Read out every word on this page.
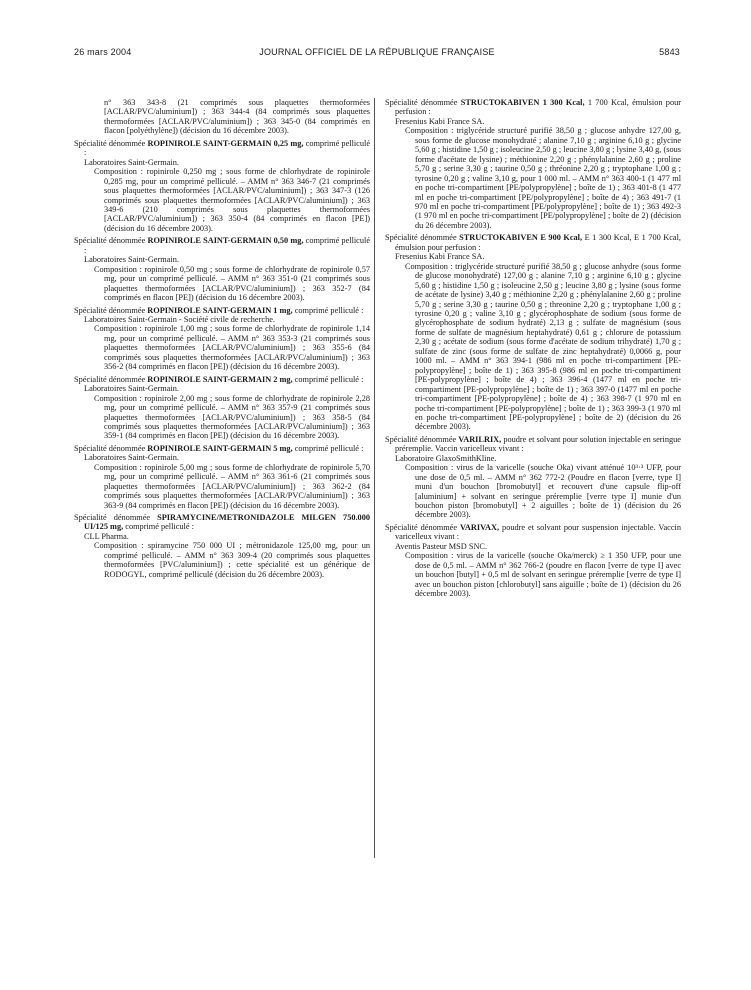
26 mars 2004	JOURNAL OFFICIEL DE LA RÉPUBLIQUE FRANÇAISE	5843

n° 363 343-8 (21 comprimés sous plaquettes thermoformées [ACLAR/PVC/aluminium]) ; 363 344-4 (84 comprimés sous plaquettes thermoformées [ACLAR/PVC/aluminium]) ; 363 345-0 (84 comprimés en flacon [polyéthylène]) (décision du 16 décembre 2003).

Spécialité dénommée ROPINIROLE SAINT-GERMAIN 0,25 mg, comprimé pelliculé :

Laboratoires Saint-Germain.

Composition : ropinirole 0,250 mg ; sous forme de chlorhydrate de ropinirole 0,285 mg, pour un comprimé pelliculé. – AMM n° 363 346-7 (21 comprimés sous plaquettes thermoformées [ACLAR/PVC/aluminium]) ; 363 347-3 (126 comprimés sous plaquettes thermoformées [ACLAR/PVC/aluminium]) ; 363 349-6 (210 comprimés sous plaquettes thermoformées [ACLAR/PVC/aluminium]) ; 363 350-4 (84 comprimés en flacon [PE]) (décision du 16 décembre 2003).

Spécialité dénommée ROPINIROLE SAINT-GERMAIN 0,50 mg, comprimé pelliculé :

Laboratoires Saint-Germain.

Composition : ropinirole 0,50 mg ; sous forme de chlorhydrate de ropinirole 0,57 mg, pour un comprimé pelliculé. – AMM n° 363 351-0 (21 comprimés sous plaquettes thermoformées [ACLAR/PVC/aluminium]) ; 363 352-7 (84 comprimés en flacon [PE]) (décision du 16 décembre 2003).

Spécialité dénommée ROPINIROLE SAINT-GERMAIN 1 mg, comprimé pelliculé :

Laboratoires Saint-Germain - Société civile de recherche.

Composition : ropinirole 1,00 mg ; sous forme de chlorhydrate de ropinirole 1,14 mg, pour un comprimé pelliculé. – AMM n° 363 353-3 (21 comprimés sous plaquettes thermoformées [ACLAR/PVC/aluminium]) ; 363 355-6 (84 comprimés sous plaquettes thermoformées [ACLAR/PVC/aluminium]) ; 363 356-2 (84 comprimés en flacon [PE]) (décision du 16 décembre 2003).

Spécialité dénommée ROPINIROLE SAINT-GERMAIN 2 mg, comprimé pelliculé :

Laboratoires Saint-Germain.

Composition : ropinirole 2,00 mg ; sous forme de chlorhydrate de ropinirole 2,28 mg, pour un comprimé pelliculé. – AMM n° 363 357-9 (21 comprimés sous plaquettes thermoformées [ACLAR/PVC/aluminium]) ; 363 358-5 (84 comprimés sous plaquettes thermoformées [ACLAR/PVC/aluminium]) ; 363 359-1 (84 comprimés en flacon [PE]) (décision du 16 décembre 2003).

Spécialité dénommée ROPINIROLE SAINT-GERMAIN 5 mg, comprimé pelliculé :

Laboratoires Saint-Germain.

Composition : ropinirole 5,00 mg ; sous forme de chlorhydrate de ropinirole 5,70 mg, pour un comprimé pelliculé. – AMM n° 363 361-6 (21 comprimés sous plaquettes thermoformées [ACLAR/PVC/aluminium]) ; 363 362-2 (84 comprimés sous plaquettes thermoformées [ACLAR/PVC/aluminium]) ; 363 363-9 (84 comprimés en flacon [PE]) (décision du 16 décembre 2003).

Spécialité dénommée SPIRAMYCINE/METRONIDAZOLE MILGEN 750.000 UI/125 mg, comprimé pelliculé :

CLL Pharma.

Composition : spiramycine 750 000 UI ; métronidazole 125,00 mg, pour un comprimé pelliculé. – AMM n° 363 309-4 (20 comprimés sous plaquettes thermoformées [PVC/aluminium]) ; cette spécialité est un générique de RODOGYL, comprimé pelliculé (décision du 26 décembre 2003).

Spécialité dénommée STRUCTOKABIVEN 1 300 Kcal, 1 700 Kcal, émulsion pour perfusion :

Fresenius Kabi France SA.

Composition : triglycéride structuré purifié 38,50 g ; glucose anhydre 127,00 g, sous forme de glucose monohydraté ; alanine 7,10 g ; arginine 6,10 g ; glycine 5,60 g ; histidine 1,50 g ; isoleucine 2,50 g ; leucine 3,80 g ; lysine 3,40 g, (sous forme d'acétate de lysine) ; méthionine 2,20 g ; phénylalanine 2,60 g ; proline 5,70 g ; serine 3,30 g ; taurine 0,50 g ; thréonine 2,20 g ; tryptophane 1,00 g ; tyrosine 0,20 g ; valine 3,10 g, pour 1 000 ml. – AMM n° 363 400-1 (1 477 ml en poche tri-compartiment [PE/polypropylène] ; boîte de 1) ; 363 401-8 (1 477 ml en poche tri-compartiment [PE/polypropylène] ; boîte de 4) ; 363 491-7 (1 970 ml en poche tri-compartiment [PE/polypropylène] ; boîte de 1) ; 363 492-3 (1 970 ml en poche tri-compartiment [PE/polypropylène] ; boîte de 2) (décision du 26 décembre 2003).

Spécialité dénommée STRUCTOKABIVEN E 900 Kcal, E 1 300 Kcal, E 1 700 Kcal, émulsion pour perfusion :

Fresenius Kabi France SA.

Composition : triglycéride structuré purifié 38,50 g ; glucose anhydre (sous forme de glucose monohydraté) 127,00 g ; alanine 7,10 g ; arginine 6,10 g ; glycine 5,60 g ; histidine 1,50 g ; isoleucine 2,50 g ; leucine 3,80 g ; lysine (sous forme de acétate de lysine) 3,40 g ; méthionine 2,20 g ; phénylalanine 2,60 g ; proline 5,70 g ; serine 3,30 g ; taurine 0,50 g ; threonine 2,20 g ; tryptophane 1,00 g ; tyrosine 0,20 g ; valine 3,10 g ; glycérophosphate de sodium (sous forme de glycérophosphate de sodium hydraté) 2,13 g ; sulfate de magnésium (sous forme de sulfate de magnésium heptahydraté) 0,61 g ; chlorure de potassium 2,30 g ; acétate de sodium (sous forme d'acétate de sodium trihydraté) 1,70 g ; sulfate de zinc (sous forme de sulfate de zinc heptahydraté) 0,0066 g, pour 1000 ml. – AMM n° 363 394-1 (986 ml en poche tri-compartiment [PE-polypropylène] ; boîte de 1) ; 363 395-8 (986 ml en poche tri-compartiment [PE-polypropylène] ; boîte de 4) ; 363 396-4 (1477 ml en poche tri-compartiment [PE-polypropylène] ; boîte de 1) ; 363 397-0 (1477 ml en poche tri-compartiment [PE-polypropylène] ; boîte de 4) ; 363 398-7 (1 970 ml en poche tri-compartiment [PE-polypropylène] ; boîte de 1) ; 363 399-3 (1 970 ml en poche tri-compartiment [PE-polypropylène] ; boîte de 2) (décision du 26 décembre 2003).

Spécialité dénommée VARILRIX, poudre et solvant pour solution injectable en seringue préremplie. Vaccin varicelleux vivant :

Laboratoire GlaxoSmithKline.

Composition : virus de la varicelle (souche Oka) vivant atténué 10³·³ UFP, pour une dose de 0,5 ml. – AMM n° 362 772-2 (Poudre en flacon [verre, type I] muni d'un bouchon [bromobutyl] et recouvert d'une capsule flip-off [aluminium] + solvant en seringue préremplie [verre type I] munie d'un bouchon piston [bromobutyl] + 2 aiguilles ; boîte de 1) (décision du 26 décembre 2003).

Spécialité dénommée VARIVAX, poudre et solvant pour suspension injectable. Vaccin varicelleux vivant :

Aventis Pasteur MSD SNC.

Composition : virus de la varicelle (souche Oka/merck) ≥ 1 350 UFP, pour une dose de 0,5 ml. – AMM n° 362 766-2 (poudre en flacon [verre de type I] avec un bouchon [butyl] + 0,5 ml de solvant en seringue préremplie [verre de type I] avec un bouchon piston [chlorobutyl] sans aiguille ; boîte de 1) (décision du 26 décembre 2003).
